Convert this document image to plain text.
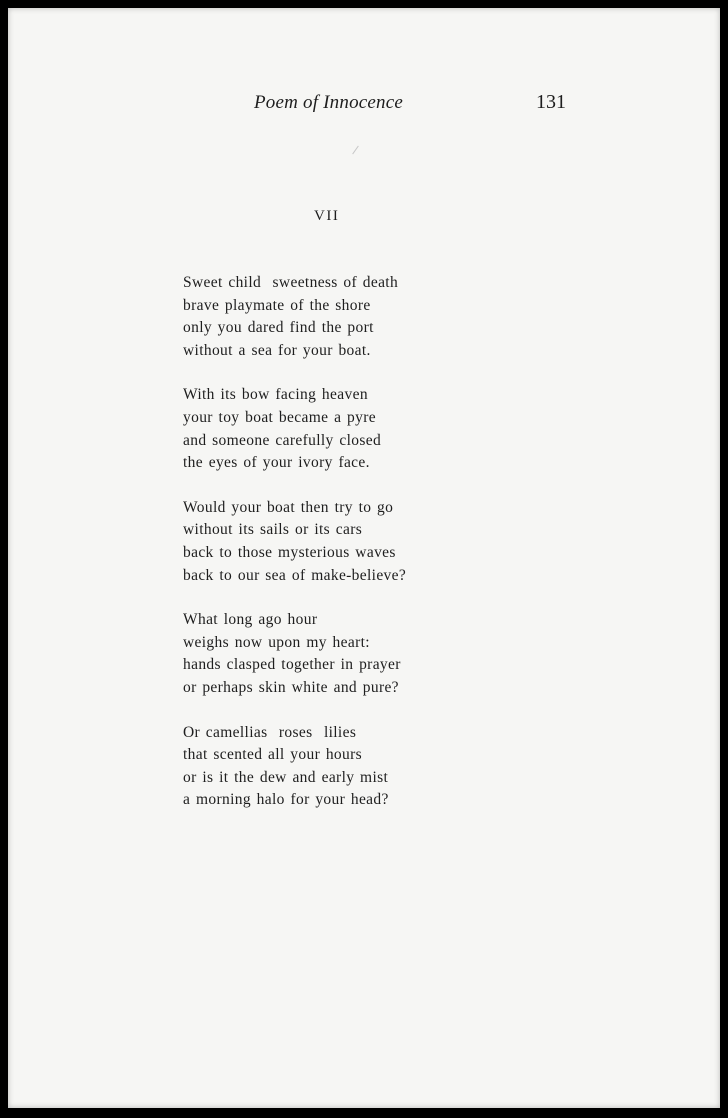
Poem of Innocence	131
VII
Sweet child  sweetness of death
brave playmate of the shore
only you dared find the port
without a sea for your boat.
With its bow facing heaven
your toy boat became a pyre
and someone carefully closed
the eyes of your ivory face.
Would your boat then try to go
without its sails or its cars
back to those mysterious waves
back to our sea of make-believe?
What long ago hour
weighs now upon my heart:
hands clasped together in prayer
or perhaps skin white and pure?
Or camellias  roses  lilies
that scented all your hours
or is it the dew and early mist
a morning halo for your head?
